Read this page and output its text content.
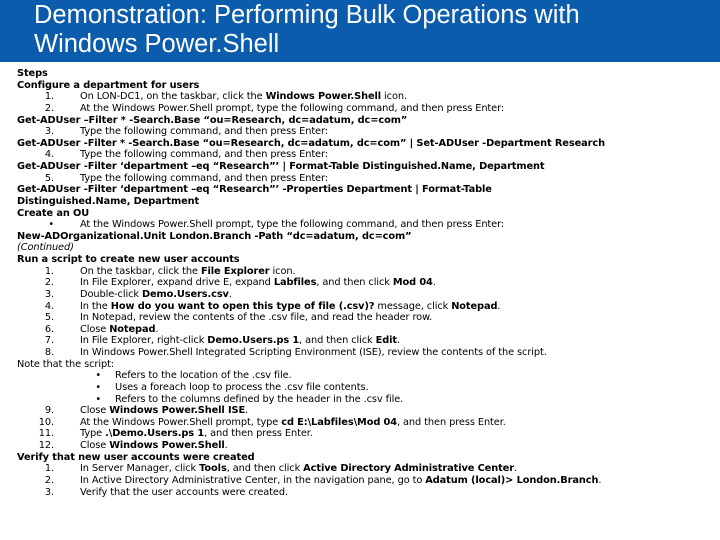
Demonstration: Performing Bulk Operations with
Windows Power.Shell
Steps
Configure a department for users
1.	On LON-DC1, on the taskbar, click the Windows Power.Shell icon.
2.	At the Windows Power.Shell prompt, type the following command, and then press Enter:
Get-ADUser –Filter * -Search.Base “ou=Research, dc=adatum, dc=com”
3.	Type the following command, and then press Enter:
Get-ADUser -Filter * -Search.Base “ou=Research, dc=adatum, dc=com” | Set-ADUser -Department Research
4.	Type the following command, and then press Enter:
Get-ADUser -Filter ‘department –eq “Research”’ | Format-Table Distinguished.Name, Department
5.	Type the following command, and then press Enter:
Get-ADUser -Filter ‘department –eq “Research”’ -Properties Department | Format-Table
Distinguished.Name, Department
Create an OU
•	At the Windows Power.Shell prompt, type the following command, and then press Enter:
New-ADOrganizational.Unit London.Branch -Path “dc=adatum, dc=com”
(Continued)
Run a script to create new user accounts
1.	On the taskbar, click the File Explorer icon.
2.	In File Explorer, expand drive E, expand Labfiles, and then click Mod 04.
3.	Double-click Demo.Users.csv.
4.	In the How do you want to open this type of file (.csv)? message, click Notepad.
5.	In Notepad, review the contents of the .csv file, and read the header row.
6.	Close Notepad.
7.	In File Explorer, right-click Demo.Users.ps 1, and then click Edit.
8.	In Windows Power.Shell Integrated Scripting Environment (ISE), review the contents of the script.
Note that the script:
• Refers to the location of the .csv file.
• Uses a foreach loop to process the .csv file contents.
• Refers to the columns defined by the header in the .csv file.
9.	Close Windows Power.Shell ISE.
10.	At the Windows Power.Shell prompt, type cd E:\Labfiles\Mod 04, and then press Enter.
11.	Type .\Demo.Users.ps 1, and then press Enter.
12.	Close Windows Power.Shell.
Verify that new user accounts were created
1.	In Server Manager, click Tools, and then click Active Directory Administrative Center.
2.	In Active Directory Administrative Center, in the navigation pane, go to Adatum (local)> London.Branch.
3.	Verify that the user accounts were created.
